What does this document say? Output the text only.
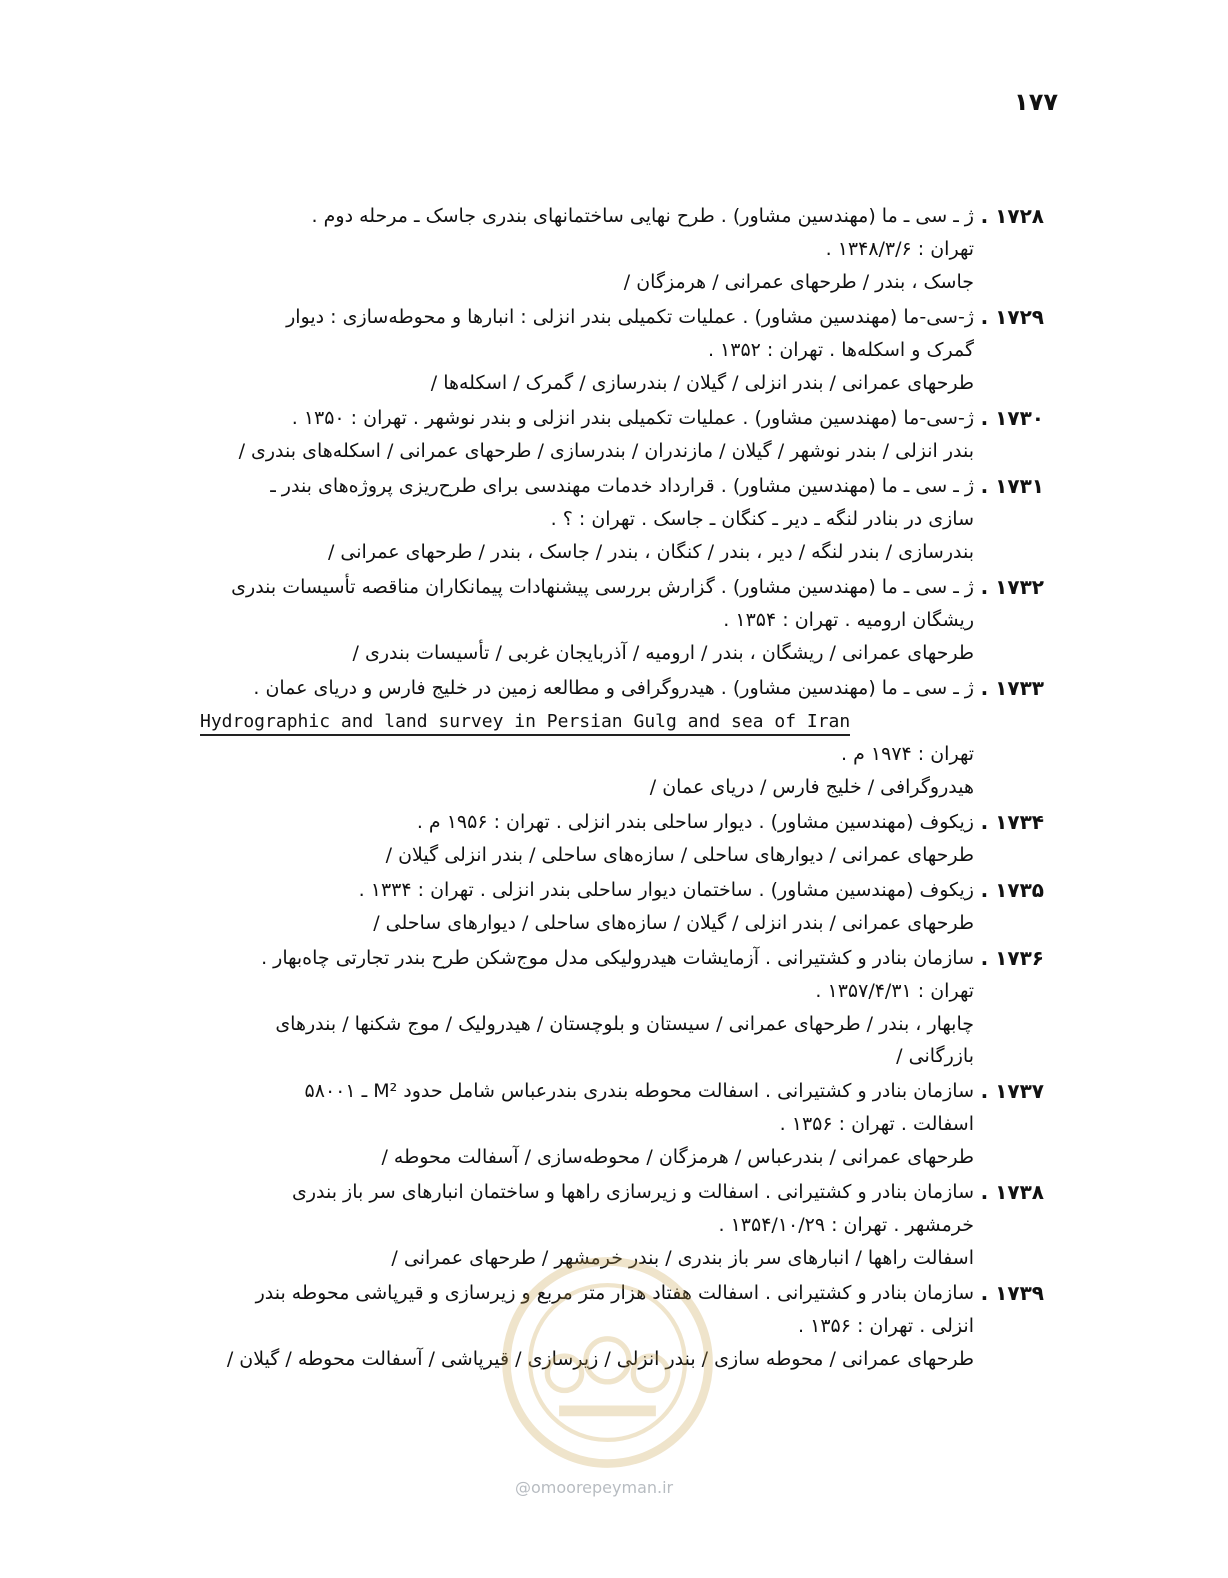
۱۷۷
۱۷۲۸ .
ژ ـ سی ـ ما (مهندسین مشاور) . طرح نهایی ساختمانهای بندری جاسک ـ مرحله دوم .
تهران : ۱۳۴۸/۳/۶ .
جاسک ، بندر / طرحهای عمرانی / هرمزگان /
۱۷۲۹ .
ژ-سی-ما (مهندسین مشاور) . عملیات تکمیلی بندر انزلی : انبارها و محوطه‌سازی : دیوار
گمرک و اسکله‌ها . تهران : ۱۳۵۲ .
طرحهای عمرانی / بندر انزلی / گیلان / بندرسازی / گمرک / اسکله‌ها /
۱۷۳۰ .
ژ-سی-ما (مهندسین مشاور) . عملیات تکمیلی بندر انزلی و بندر نوشهر . تهران : ۱۳۵۰ .
بندر انزلی / بندر نوشهر / گیلان / مازندران / بندرسازی / طرحهای عمرانی / اسکله‌های بندری /
۱۷۳۱ .
ژ ـ سی ـ ما (مهندسین مشاور) . قرارداد خدمات مهندسی برای طرح‌ریزی پروژه‌های بندر ـ
سازی در بنادر لنگه ـ دیر ـ کنگان ـ جاسک . تهران : ؟ .
بندرسازی / بندر لنگه / دیر ، بندر / کنگان ، بندر / جاسک ، بندر / طرحهای عمرانی /
۱۷۳۲ .
ژ ـ سی ـ ما (مهندسین مشاور) . گزارش بررسی پیشنهادات پیمانکاران مناقصه تأسیسات بندری
ریشگان ارومیه . تهران : ۱۳۵۴ .
طرحهای عمرانی / ریشگان ، بندر / ارومیه / آذربایجان غربی / تأسیسات بندری /
۱۷۳۳ .
ژ ـ سی ـ ما (مهندسین مشاور) . هیدروگرافی و مطالعه زمین در خلیج فارس و دریای عمان .
Hydrographic and land survey in Persian Gulg and sea of Iran
تهران : ۱۹۷۴ م .
هیدروگرافی / خلیج فارس / دریای عمان /
۱۷۳۴ .
زیکوف (مهندسین مشاور) . دیوار ساحلی بندر انزلی . تهران : ۱۹۵۶ م .
طرحهای عمرانی / دیوارهای ساحلی / سازه‌های ساحلی / بندر انزلی گیلان /
۱۷۳۵ .
زیکوف (مهندسین مشاور) . ساختمان دیوار ساحلی بندر انزلی . تهران : ۱۳۳۴ .
طرحهای عمرانی / بندر انزلی / گیلان / سازه‌های ساحلی / دیوارهای ساحلی /
۱۷۳۶ .
سازمان بنادر و کشتیرانی . آزمایشات هیدرولیکی مدل موج‌شکن طرح بندر تجارتی چاه‌بهار .
تهران : ۱۳۵۷/۴/۳۱ .
چابهار ، بندر / طرحهای عمرانی / سیستان و بلوچستان / هیدرولیک / موج شکنها / بندرهای
بازرگانی /
۱۷۳۷ .
سازمان بنادر و کشتیرانی . اسفالت محوطه بندری بندرعباس شامل حدود M² ـ ۵۸۰۰۱
اسفالت . تهران : ۱۳۵۶ .
طرحهای عمرانی / بندرعباس / هرمزگان / محوطه‌سازی / آسفالت محوطه /
۱۷۳۸ .
سازمان بنادر و کشتیرانی . اسفالت و زیرسازی راهها و ساختمان انبارهای سر باز بندری
خرمشهر . تهران : ۱۳۵۴/۱۰/۲۹ .
اسفالت راهها / انبارهای سر باز بندری / بندر خرمشهر / طرحهای عمرانی /
۱۷۳۹ .
سازمان بنادر و کشتیرانی . اسفالت هفتاد هزار متر مربع و زیرسازی و قیرپاشی محوطه بندر
انزلی . تهران : ۱۳۵۶ .
طرحهای عمرانی / محوطه سازی / بندر انزلی / زیرسازی / قیرپاشی / آسفالت محوطه / گیلان /
@omoorepeyman.ir
